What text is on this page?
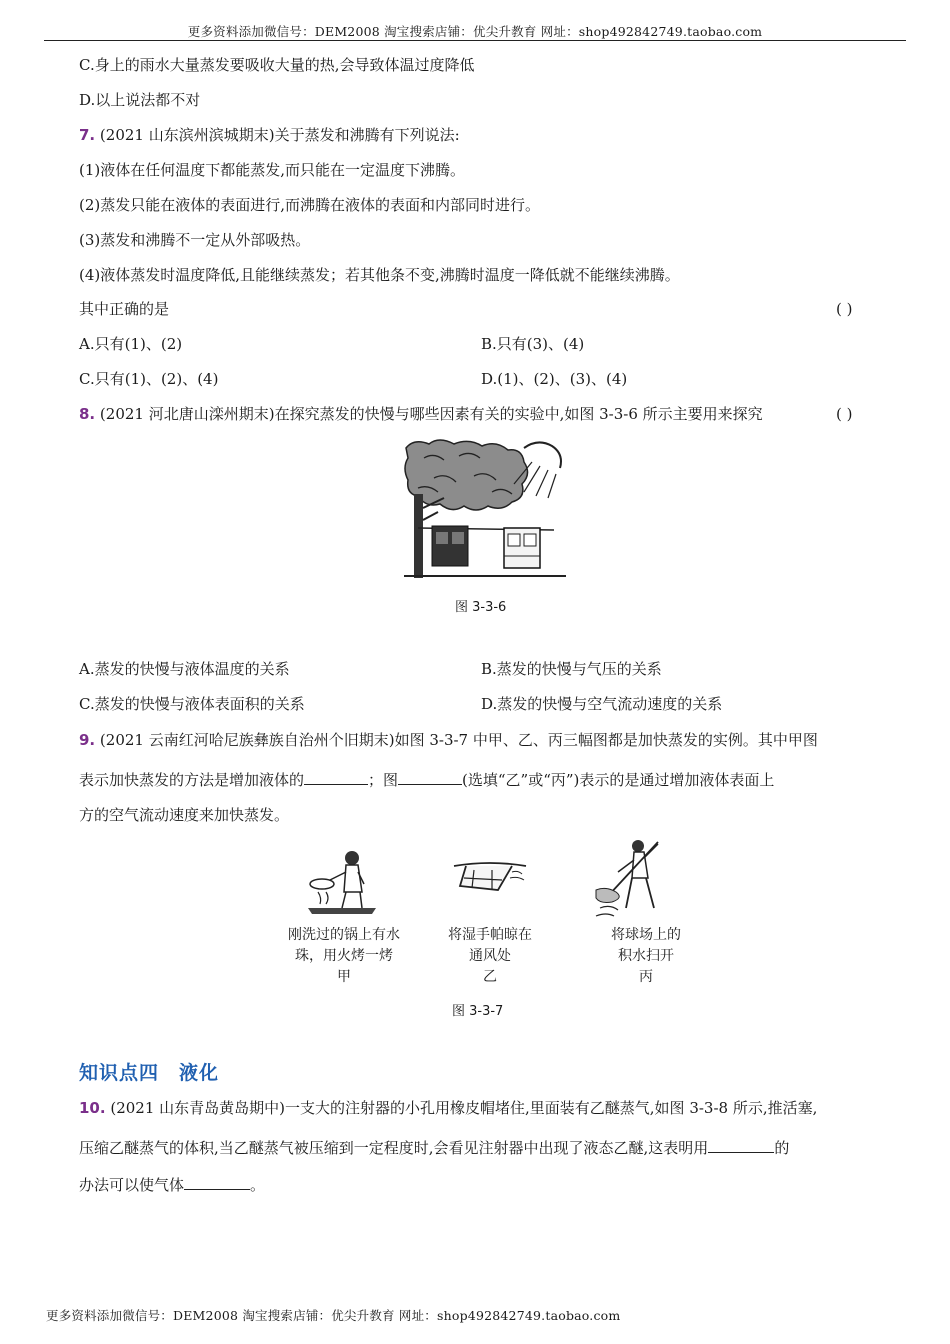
更多资料添加微信号：DEM2008 淘宝搜索店铺：优尖升教育 网址：shop492842749.taobao.com
C.身上的雨水大量蒸发要吸收大量的热,会导致体温过度降低
D.以上说法都不对
7. (2021 山东滨州滨城期末)关于蒸发和沸腾有下列说法:
(1)液体在任何温度下都能蒸发,而只能在一定温度下沸腾。
(2)蒸发只能在液体的表面进行,而沸腾在液体的表面和内部同时进行。
(3)蒸发和沸腾不一定从外部吸热。
(4)液体蒸发时温度降低,且能继续蒸发；若其他条不变,沸腾时温度一降低就不能继续沸腾。
其中正确的是	( )
A.只有(1)、(2)	B.只有(3)、(4)
C.只有(1)、(2)、(4)	D.(1)、(2)、(3)、(4)
8. (2021 河北唐山滦州期末)在探究蒸发的快慢与哪些因素有关的实验中,如图 3-3-6 所示主要用来探究	( )
图 3-3-6
A.蒸发的快慢与液体温度的关系	B.蒸发的快慢与气压的关系
C.蒸发的快慢与液体表面积的关系	D.蒸发的快慢与空气流动速度的关系
9. (2021 云南红河哈尼族彝族自治州个旧期末)如图 3-3-7 中甲、乙、丙三幅图都是加快蒸发的实例。其中甲图
表示加快蒸发的方法是增加液体的	；图	(选填“乙”或“丙”)表示的是通过增加液体表面上
方的空气流动速度来加快蒸发。
刚洗过的锅上有水
珠，用火烤一烤
甲
将湿手帕晾在
通风处
乙
将球场上的
积水扫开
丙
图 3-3-7
知识点四　液化
10. (2021 山东青岛黄岛期中)一支大的注射器的小孔用橡皮帽堵住,里面装有乙醚蒸气,如图 3-3-8 所示,推活塞,
压缩乙醚蒸气的体积,当乙醚蒸气被压缩到一定程度时,会看见注射器中出现了液态乙醚,这表明用	的
办法可以使气体	。
更多资料添加微信号：DEM2008 淘宝搜索店铺：优尖升教育 网址：shop492842749.taobao.com
